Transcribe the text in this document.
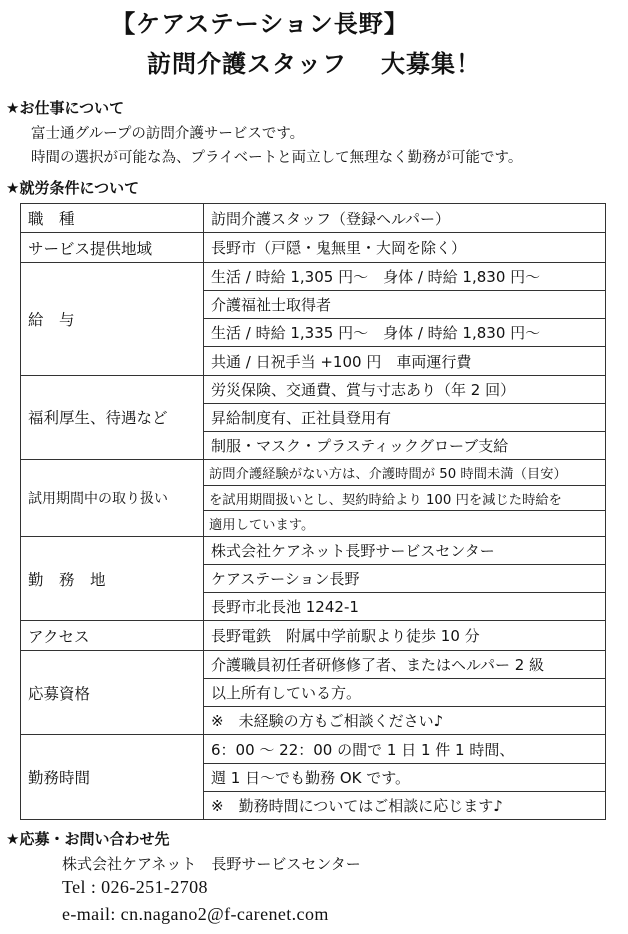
【ケアステーション長野】
訪問介護スタッフ 大募集！
★お仕事について
富士通グループの訪問介護サービスです。
時間の選択が可能な為、プライベートと両立して無理なく勤務が可能です。
★就労条件について
職　種	訪問介護スタッフ（登録ヘルパー）
サービス提供地域	長野市（戸隠・鬼無里・大岡を除く）
給　与	生活 / 時給 1,305 円～　身体 / 時給 1,830 円～
	介護福祉士取得者
	生活 / 時給 1,335 円～　身体 / 時給 1,830 円～
	共通 / 日祝手当 +100 円　車両運行費
福利厚生、待遇など	労災保険、交通費、賞与寸志あり（年 2 回）
	昇給制度有、正社員登用有
	制服・マスク・プラスティックグローブ支給
試用期間中の取り扱い	訪問介護経験がない方は、介護時間が 50 時間未満（目安）
	を試用期間扱いとし、契約時給より 100 円を減じた時給を
	適用しています。
勤　務　地	株式会社ケアネット長野サービスセンター
	ケアステーション長野
	長野市北長池 1242-1
アクセス	長野電鉄　附属中学前駅より徒歩 10 分
応募資格	介護職員初任者研修修了者、またはヘルパー 2 級
	以上所有している方。
	※　未経験の方もご相談ください♪
勤務時間	6：00 ～ 22：00 の間で 1 日 1 件 1 時間、
	週 1 日～でも勤務 OK です。
	※　勤務時間についてはご相談に応じます♪
★応募・お問い合わせ先
株式会社ケアネット　長野サービスセンター
Tel : 026-251-2708
e-mail: cn.nagano2@f-carenet.com
